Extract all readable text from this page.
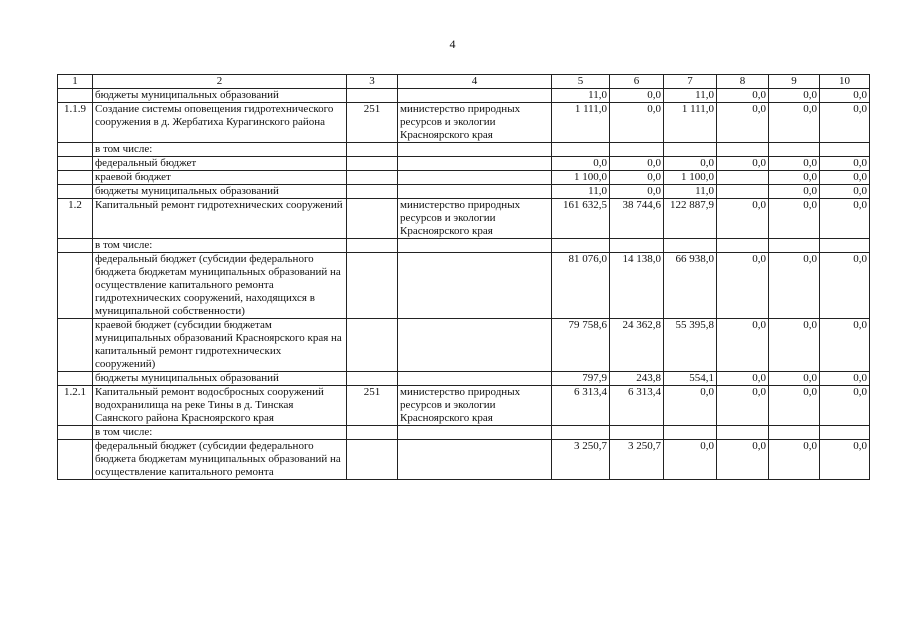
4
1	2	3	4	5	6	7	8	9	10
	бюджеты муниципальных образований			11,0	0,0	11,0	0,0	0,0	0,0
1.1.9	Создание системы оповещения гидротехнического сооружения в д. Жербатиха Курагинского района	251	министерство природных ресурсов и экологии Красноярского края	1 111,0	0,0	1 111,0	0,0	0,0	0,0
	в том числе:								
	федеральный бюджет			0,0	0,0	0,0	0,0	0,0	0,0
	краевой бюджет			1 100,0	0,0	1 100,0		0,0	0,0
	бюджеты муниципальных образований			11,0	0,0	11,0		0,0	0,0
1.2	Капитальный ремонт гидротехнических сооружений		министерство природных ресурсов и экологии Красноярского края	161 632,5	38 744,6	122 887,9	0,0	0,0	0,0
	в том числе:								
	федеральный бюджет (субсидии федерального бюджета бюджетам муниципальных образований на осуществление капитального ремонта гидротехнических сооружений, находящихся в муниципальной собственности)			81 076,0	14 138,0	66 938,0	0,0	0,0	0,0
	краевой бюджет (субсидии бюджетам муниципальных образований Красноярского края на капитальный ремонт гидротехнических сооружений)			79 758,6	24 362,8	55 395,8	0,0	0,0	0,0
	бюджеты муниципальных образований			797,9	243,8	554,1	0,0	0,0	0,0
1.2.1	Капитальный ремонт водосбросных сооружений водохранилища на реке Тины в д. Тинская Саянского района Красноярского края	251	министерство природных ресурсов и экологии Красноярского края	6 313,4	6 313,4	0,0	0,0	0,0	0,0
	в том числе:								
	федеральный бюджет (субсидии федерального бюджета бюджетам муниципальных образований на осуществление капитального ремонта			3 250,7	3 250,7	0,0	0,0	0,0	0,0
